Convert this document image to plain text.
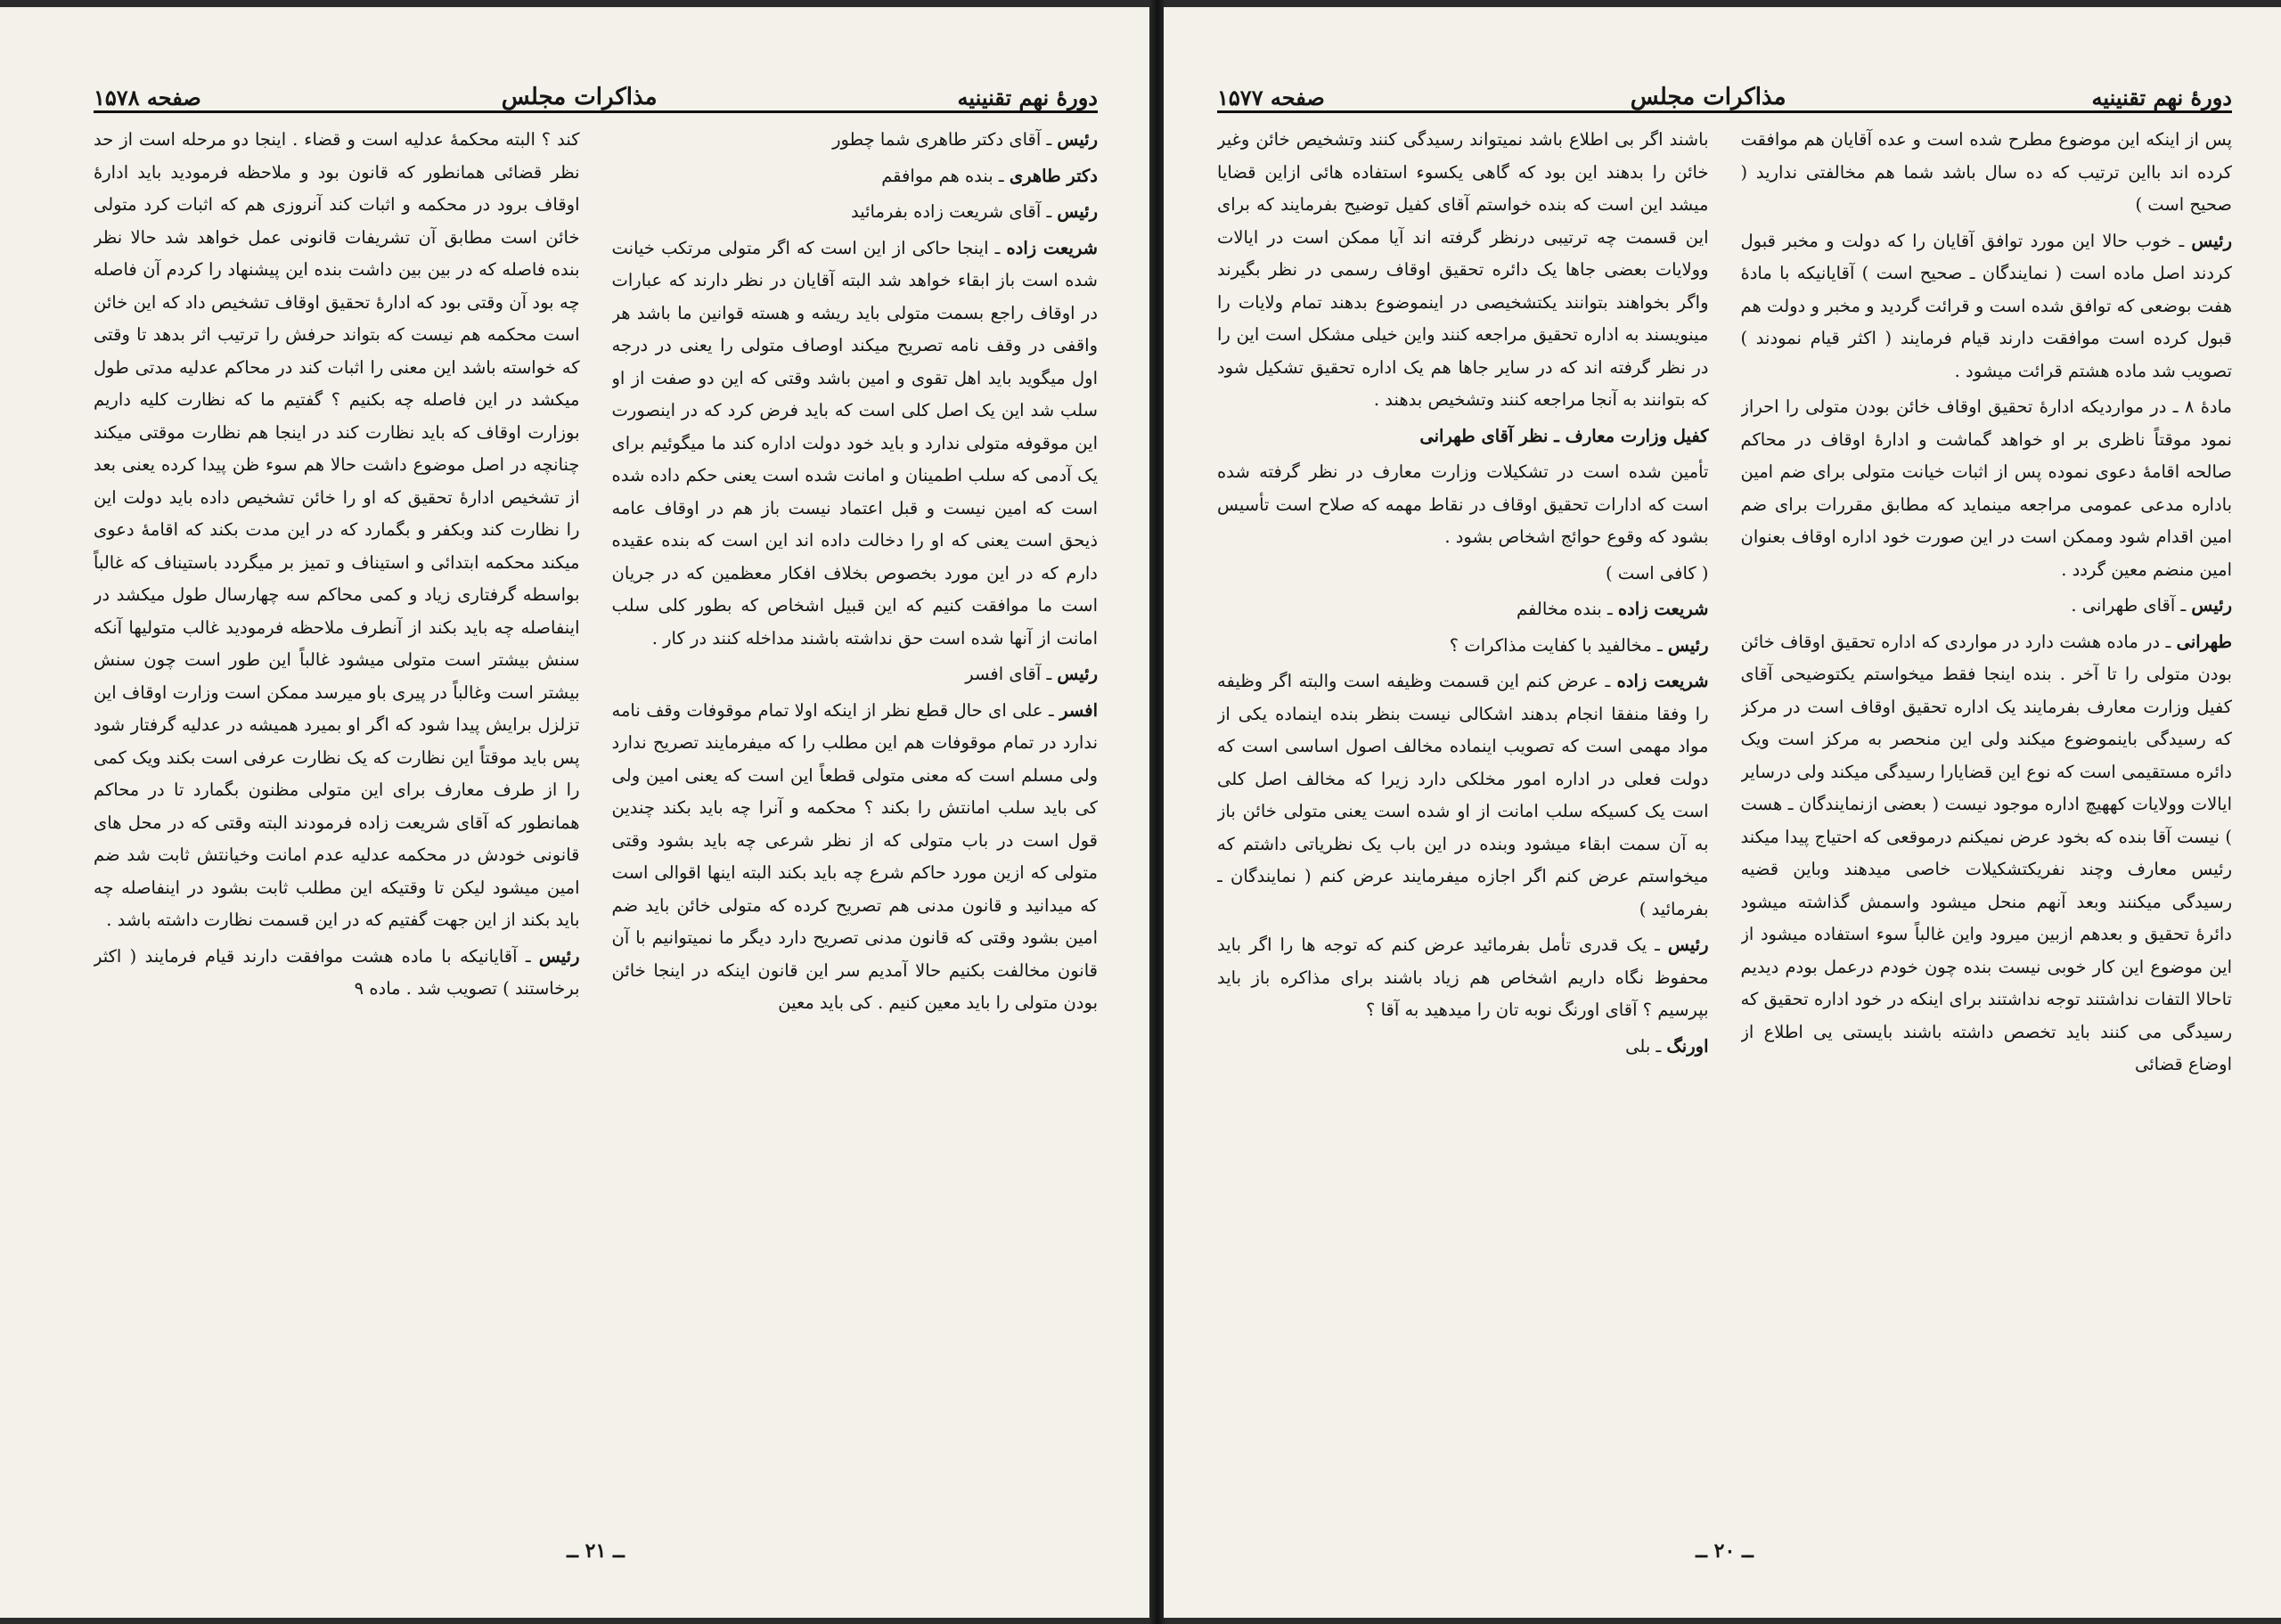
دورهٔ نهم تقنینیه
مذاکرات مجلس
صفحه ۱۵۷۸

رئیس ـ آقای دکتر طاهری شما چطور

دکتر طاهری ـ بنده هم موافقم

رئیس ـ آقای شریعت زاده بفرمائید

شریعت زاده ـ اینجا حاکی از این است که اگر متولی مرتکب خیانت شده است باز ابقاء خواهد شد البته آقایان در نظر دارند که عبارات در اوقاف راجع بسمت متولی باید ریشه و هسته قوانین ما باشد هر واقفی در وقف نامه تصریح میکند اوصاف متولی را یعنی در درجه اول میگوید باید اهل تقوی و امین باشد وقتی که این دو صفت از او سلب شد این یک اصل کلی است که باید فرض کرد که در اینصورت این موقوفه متولی ندارد و باید خود دولت اداره کند ما میگوئیم برای یک آدمی که سلب اطمینان و امانت شده است یعنی حکم داده شده است که امین نیست و قبل اعتماد نیست باز هم در اوقاف عامه ذیحق است یعنی که او را دخالت داده اند این است که بنده عقیده دارم که در این مورد بخصوص بخلاف افکار معظمین که در جریان است ما موافقت کنیم که این قبیل اشخاص که بطور کلی سلب امانت از آنها شده است حق نداشته باشند مداخله کنند در کار .

رئیس ـ آقای افسر

افسر ـ علی ای حال قطع نظر از اینکه اولا تمام موقوفات وقف نامه ندارد در تمام موقوفات هم این مطلب را که میفرمایند تصریح ندارد ولی مسلم است که معنی متولی قطعاً این است که یعنی امین ولی کی باید سلب امانتش را بکند ؟ محکمه و آنرا چه باید بکند چندین قول است در باب متولی که از نظر شرعی چه باید بشود وقتی متولی که ازین مورد حاکم شرع چه باید بکند البته اینها اقوالی است که میدانید و قانون مدنی هم تصریح کرده که متولی خائن باید ضم امین بشود وقتی که قانون مدنی تصریح دارد دیگر ما نمیتوانیم با آن قانون مخالفت بکنیم حالا آمدیم سر این قانون اینکه در اینجا خائن بودن متولی را باید معین کنیم . کی باید معین

کند ؟ البته محکمهٔ عدلیه است و قضاء . اینجا دو مرحله است از حد نظر قضائی همانطور که قانون بود و ملاحظه فرمودید باید ادارهٔ اوقاف برود در محکمه و اثبات کند آنروزی هم که اثبات کرد متولی خائن است مطابق آن تشریفات قانونی عمل خواهد شد حالا نظر بنده فاصله که در بین بین داشت بنده این پیشنهاد را کردم آن فاصله چه بود آن وقتی بود که ادارهٔ تحقیق اوقاف تشخیص داد که این خائن است محکمه هم نیست که بتواند حرفش را ترتیب اثر بدهد تا وقتی که خواسته باشد این معنی را اثبات کند در محاکم عدلیه مدتی طول میکشد در این فاصله چه بکنیم ؟ گفتیم ما که نظارت کلیه داریم بوزارت اوقاف که باید نظارت کند در اینجا هم نظارت موقتی میکند چنانچه در اصل موضوع داشت حالا هم سوء ظن پیدا کرده یعنی بعد از تشخیص ادارهٔ تحقیق که او را خائن تشخیص داده باید دولت این را نظارت کند وبکفر و بگمارد که در این مدت بکند که اقامهٔ دعوی میکند محکمه ابتدائی و استیناف و تمیز بر میگردد باستیناف که غالباً بواسطه گرفتاری زیاد و کمی محاکم سه چهارسال طول میکشد در اینفاصله چه باید بکند از آنطرف ملاحظه فرمودید غالب متولیها آنکه سنش بیشتر است متولی میشود غالباً این طور است چون سنش بیشتر است وغالباً در پیری باو میرسد ممکن است وزارت اوقاف این تزلزل برایش پیدا شود که اگر او بمیرد همیشه در عدلیه گرفتار شود پس باید موقتاً این نظارت که یک نظارت عرفی است بکند ویک کمی را از طرف معارف برای این متولی مظنون بگمارد تا در محاکم همانطور که آقای شریعت زاده فرمودند البته وقتی که در محل های قانونی خودش در محکمه عدلیه عدم امانت وخیانتش ثابت شد ضم امین میشود لیکن تا وقتیکه این مطلب ثابت بشود در اینفاصله چه باید بکند از این جهت گفتیم که در این قسمت نظارت داشته باشد .

رئیس ـ آقایانیکه با ماده هشت موافقت دارند قیام فرمایند ( اکثر برخاستند ) تصویب شد . ماده ۹

ــ ۲۱ ــ
دورهٔ نهم تقنینیه
مذاکرات مجلس
صفحه ۱۵۷۷

پس از اینکه این موضوع مطرح شده است و عده آقایان هم موافقت کرده اند بااین ترتیب که ده سال باشد شما هم مخالفتی ندارید ( صحیح است )

رئیس ـ خوب حالا این مورد توافق آقایان را که دولت و مخبر قبول کردند اصل ماده است ( نمایندگان ـ صحیح است ) آقایانیکه با مادهٔ هفت بوضعی که توافق شده است و قرائت گردید و مخبر و دولت هم قبول کرده است موافقت دارند قیام فرمایند ( اکثر قیام نمودند ) تصویب شد ماده هشتم قرائت میشود .

مادهٔ ۸ ـ در مواردیکه ادارهٔ تحقیق اوقاف خائن بودن متولی را احراز نمود موقتاً ناظری بر او خواهد گماشت و ادارهٔ اوقاف در محاکم صالحه اقامهٔ دعوی نموده پس از اثبات خیانت متولی برای ضم امین باداره مدعی عمومی مراجعه مینماید که مطابق مقررات برای ضم امین اقدام شود وممکن است در این صورت خود اداره اوقاف بعنوان امین منضم معین گردد .

رئیس ـ آقای طهرانی .

طهرانی ـ در ماده هشت دارد در مواردی که اداره تحقیق اوقاف خائن بودن متولی را تا آخر . بنده اینجا فقط میخواستم یکتوضیحی آقای کفیل وزارت معارف بفرمایند یک اداره تحقیق اوقاف است در مرکز که رسیدگی باینموضوع میکند ولی این منحصر به مرکز است ویک دائره مستقیمی است که نوع این قضایارا رسیدگی میکند ولی درسایر ایالات وولایات کههیچ اداره موجود نیست ( بعضی ازنمایندگان ـ هست ) نیست آقا بنده که بخود عرض نمیکنم درموقعی که احتیاج پیدا میکند رئیس معارف وچند نفریکتشکیلات خاصی میدهند وباین قضیه رسیدگی میکنند وبعد آنهم منحل میشود واسمش گذاشته میشود دائرهٔ تحقیق و بعدهم ازبین میرود واین غالباً سوء استفاده میشود از این موضوع این کار خوبی نیست بنده چون خودم درعمل بودم دیدیم تاحالا التفات نداشتند توجه نداشتند برای اینکه در خود اداره تحقیق که رسیدگی می کنند باید تخصص داشته باشند بایستی یی اطلاع از اوضاع قضائی

باشند اگر بی اطلاع باشد نمیتواند رسیدگی کنند وتشخیص خائن وغیر خائن را بدهند این بود که گاهی یکسوء استفاده هائی ازاین قضایا میشد این است که بنده خواستم آقای کفیل توضیح بفرمایند که برای این قسمت چه ترتیبی درنظر گرفته اند آیا ممکن است در ایالات وولایات بعضی جاها یک دائره تحقیق اوقاف رسمی در نظر بگیرند واگر بخواهند بتوانند یکتشخیصی در اینموضوع بدهند تمام ولایات را مینویسند به اداره تحقیق مراجعه کنند واین خیلی مشکل است این را در نظر گرفته اند که در سایر جاها هم یک اداره تحقیق تشکیل شود که بتوانند به آنجا مراجعه کنند وتشخیص بدهند .

کفیل وزارت معارف ـ نظر آقای طهرانی

تأمین شده است در تشکیلات وزارت معارف در نظر گرفته شده است که ادارات تحقیق اوقاف در نقاط مهمه که صلاح است تأسیس بشود که وقوع حوائج اشخاص بشود .

( کافی است )

شریعت زاده ـ بنده مخالفم

رئیس ـ مخالفید با کفایت مذاکرات ؟

شریعت زاده ـ عرض کنم این قسمت وظیفه است والبته اگر وظیفه را وفقا منفقا انجام بدهند اشکالی نیست بنظر بنده اینماده یکی از مواد مهمی است که تصویب اینماده مخالف اصول اساسی است که دولت فعلی در اداره امور مخلکی دارد زیرا که مخالف اصل کلی است یک کسیکه سلب امانت از او شده است یعنی متولی خائن باز به آن سمت ابقاء میشود وبنده در این باب یک نظریاتی داشتم که میخواستم عرض کنم اگر اجازه میفرمایند عرض کنم ( نمایندگان ـ بفرمائید )

رئیس ـ یک قدری تأمل بفرمائید عرض کنم که توجه ها را اگر باید محفوظ نگاه داریم اشخاص هم زیاد باشند برای مذاکره باز باید بپرسیم ؟ آقای اورنگ نوبه تان را میدهید به آقا ؟

اورنگ ـ بلی

ــ ۲۰ ــ
